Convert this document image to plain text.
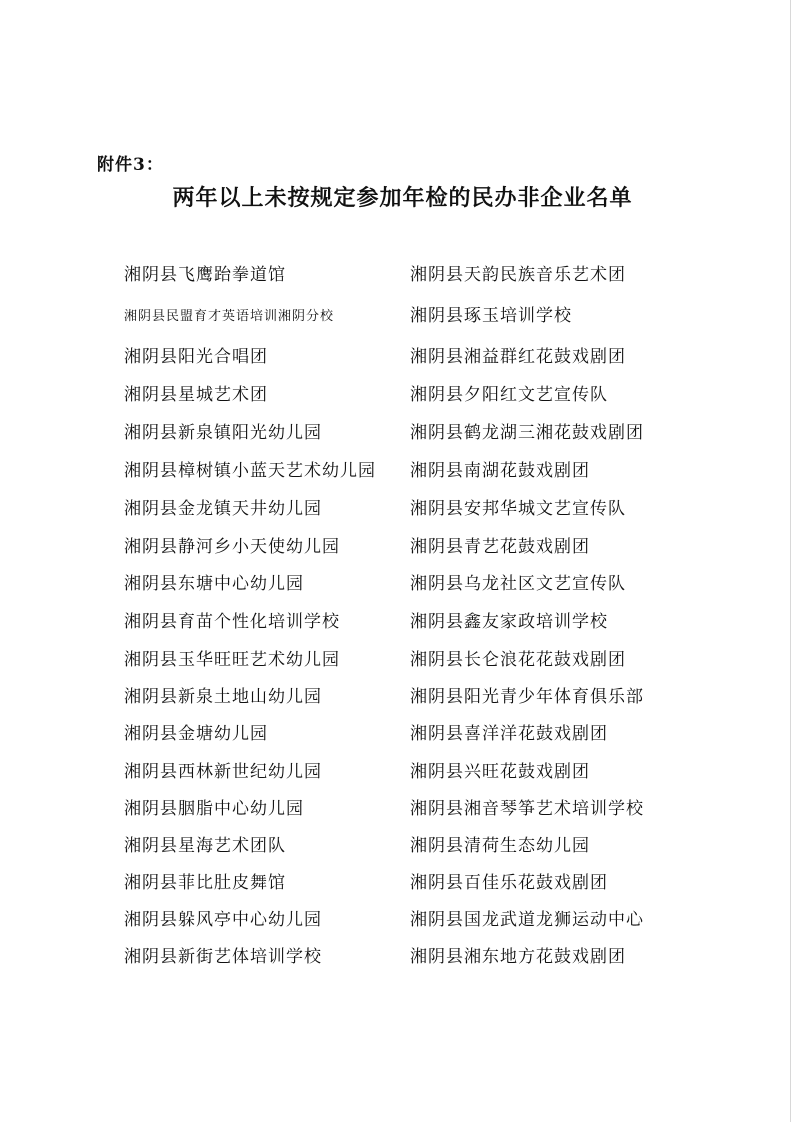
附件3：
两年以上未按规定参加年检的民办非企业名单
湘阴县飞鹰跆拳道馆	湘阴县天韵民族音乐艺术团
湘阴县民盟育才英语培训湘阴分校	湘阴县琢玉培训学校
湘阴县阳光合唱团	湘阴县湘益群红花鼓戏剧团
湘阴县星城艺术团	湘阴县夕阳红文艺宣传队
湘阴县新泉镇阳光幼儿园	湘阴县鹤龙湖三湘花鼓戏剧团
湘阴县樟树镇小蓝天艺术幼儿园 湘阴县南湖花鼓戏剧团
湘阴县金龙镇天井幼儿园	湘阴县安邦华城文艺宣传队
湘阴县静河乡小天使幼儿园	湘阴县青艺花鼓戏剧团
湘阴县东塘中心幼儿园	湘阴县乌龙社区文艺宣传队
湘阴县育苗个性化培训学校	湘阴县鑫友家政培训学校
湘阴县玉华旺旺艺术幼儿园	湘阴县长仑浪花花鼓戏剧团
湘阴县新泉土地山幼儿园	湘阴县阳光青少年体育俱乐部
湘阴县金塘幼儿园	湘阴县喜洋洋花鼓戏剧团
湘阴县西林新世纪幼儿园	湘阴县兴旺花鼓戏剧团
湘阴县胭脂中心幼儿园	湘阴县湘音琴筝艺术培训学校
湘阴县星海艺术团队	湘阴县清荷生态幼儿园
湘阴县菲比肚皮舞馆	湘阴县百佳乐花鼓戏剧团
湘阴县躲风亭中心幼儿园	湘阴县国龙武道龙狮运动中心
湘阴县新街艺体培训学校	湘阴县湘东地方花鼓戏剧团
